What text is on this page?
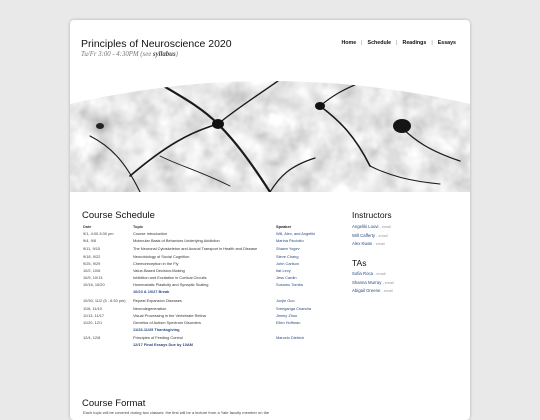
Principles of Neuroscience 2020
Tu/Fr 3:00 - 4:30PM (see syllabus)
Home | Schedule | Readings | Essays
Course Schedule
Date	Topic	Speaker
9/1, 4:00-5:30 pm	Course Introduction	Will, Alex, and Angeliki
9/4, 9/8	Molecular Basis of Behaviors Underlying Addiction	Marina Picciotto
9/11, 9/15	The Neuronal Cytoskeleton and Axonal Transport in Health and Disease	Shawn Yogev
9/18, 9/22	Neurobiology of Social Cognition	Steve Chang
9/25, 9/29	Chemoreception in the Fly	John Carlson
10/2, 10/6	Value-Based Decision-Making	Ifat Levy
10/9, 10/13	Inhibition and Excitation in Cortical Circuits	Jess Cardin
10/16, 10/20	Homeostatic Plasticity and Synaptic Scaling	Susumu Tomita
10/23 & 10/27 Break
10/30, 11/2 (5 - 6:30 pm)	Repeat Expansion Diseases	Junjie Guo
11/6, 11/10	Neurodegeneration	Sreeganga Chandra
11/13, 11/17	Visual Processing in the Vertebrate Retina	Jimmy Zhou
11/20, 12/1	Genetics of Autism Spectrum Disorders	Ellen Hoffman
11/23-11/29 Thanksgiving
12/4, 12/8	Principles of Feeding Control	Marcelo Dietrich
12/17 Final Essays Due by 10AM
Course Format
Each topic will be covered during two classes: the first will be a lecture from a Yale faculty member on the
Instructors
Angeliki Louvi - email
Will Cafferty - email
Alex Kwan - email
TAs
Sofia Roca - email
Shanna Murray - email
Abigail Greene - email
